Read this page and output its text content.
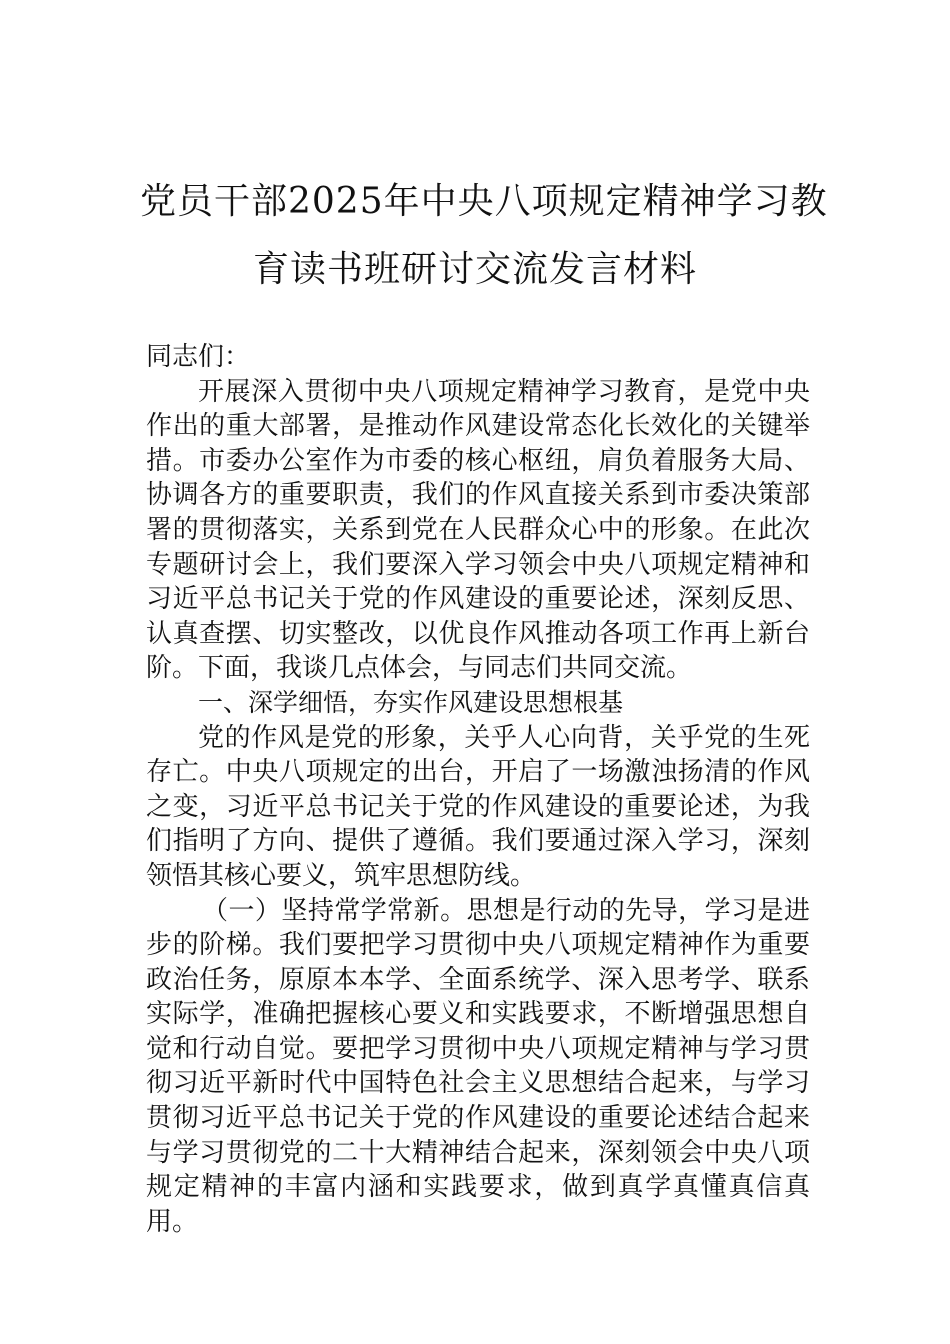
党员干部2025年中央八项规定精神学习教
育读书班研讨交流发言材料

同志们：

开展深入贯彻中央八项规定精神学习教育，是党中央作出的重大部署，是推动作风建设常态化长效化的关键举措。市委办公室作为市委的核心枢纽，肩负着服务大局、协调各方的重要职责，我们的作风直接关系到市委决策部署的贯彻落实，关系到党在人民群众心中的形象。在此次专题研讨会上，我们要深入学习领会中央八项规定精神和习近平总书记关于党的作风建设的重要论述，深刻反思、认真查摆、切实整改，以优良作风推动各项工作再上新台阶。下面，我谈几点体会，与同志们共同交流。

一、深学细悟，夯实作风建设思想根基

党的作风是党的形象，关乎人心向背，关乎党的生死存亡。中央八项规定的出台，开启了一场激浊扬清的作风之变，习近平总书记关于党的作风建设的重要论述，为我们指明了方向、提供了遵循。我们要通过深入学习，深刻领悟其核心要义，筑牢思想防线。

（一）坚持常学常新。思想是行动的先导，学习是进步的阶梯。我们要把学习贯彻中央八项规定精神作为重要政治任务，原原本本学、全面系统学、深入思考学、联系实际学，准确把握核心要义和实践要求，不断增强思想自觉和行动自觉。要把学习贯彻中央八项规定精神与学习贯彻习近平新时代中国特色社会主义思想结合起来，与学习贯彻习近平总书记关于党的作风建设的重要论述结合起来与学习贯彻党的二十大精神结合起来，深刻领会中央八项规定精神的丰富内涵和实践要求，做到真学真懂真信真用。
